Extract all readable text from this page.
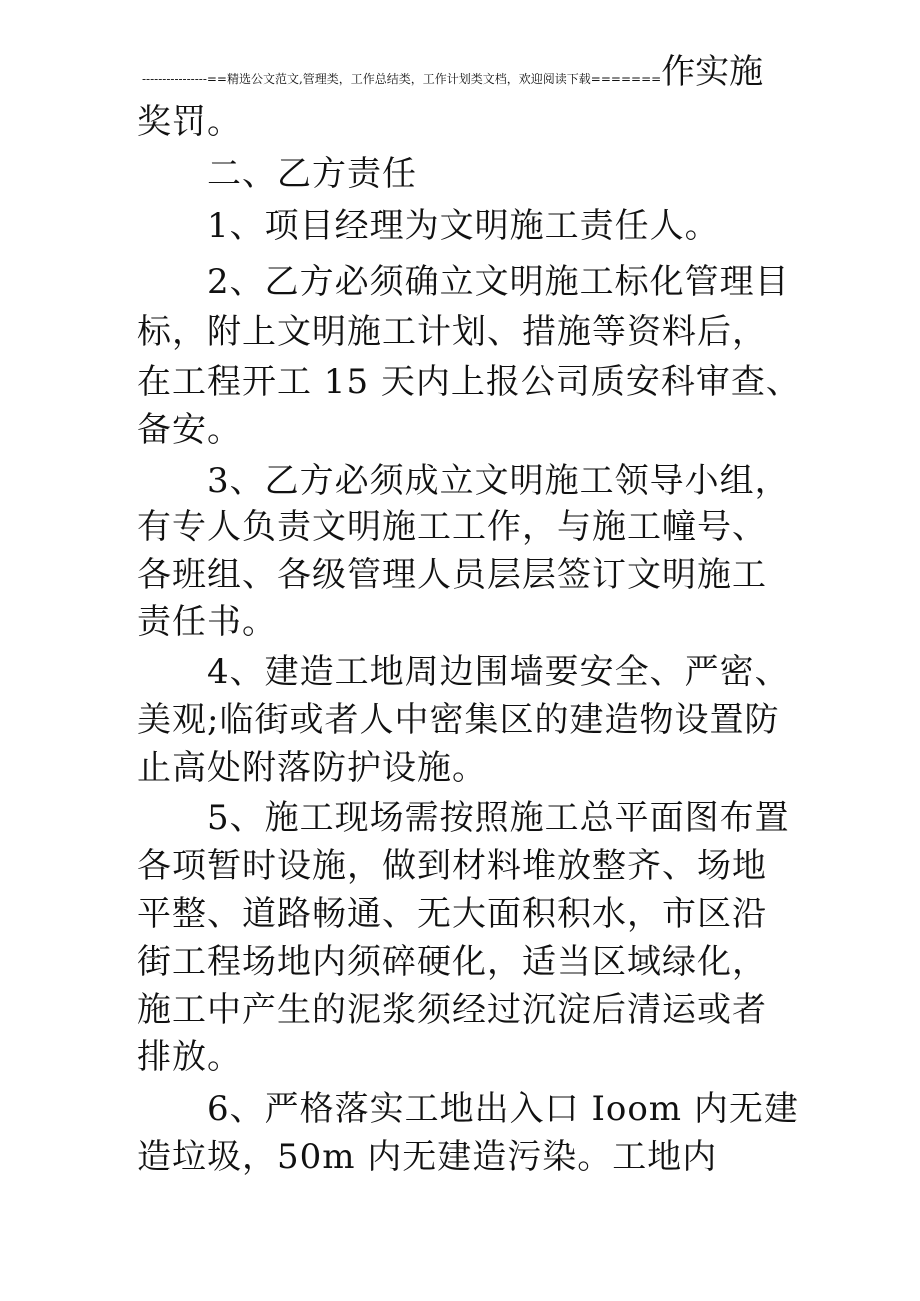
----------------==精选公文范文,管理类，工作总结类，工作计划类文档，欢迎阅读下载=======作实施
奖罚。
二、乙方责任
1、项目经理为文明施工责任人。
2、乙方必须确立文明施工标化管理目
标，附上文明施工计划、措施等资料后，
在工程开工 15 天内上报公司质安科审查、
备安。
3、乙方必须成立文明施工领导小组，
有专人负责文明施工工作，与施工幢号、
各班组、各级管理人员层层签订文明施工
责任书。
4、建造工地周边围墙要安全、严密、
美观;临街或者人中密集区的建造物设置防
止高处附落防护设施。
5、施工现场需按照施工总平面图布置
各项暂时设施，做到材料堆放整齐、场地
平整、道路畅通、无大面积积水，市区沿
街工程场地内须碎硬化，适当区域绿化，
施工中产生的泥浆须经过沉淀后清运或者
排放。
6、严格落实工地出入口 Ioom 内无建
造垃圾，50m 内无建造污染。工地内
